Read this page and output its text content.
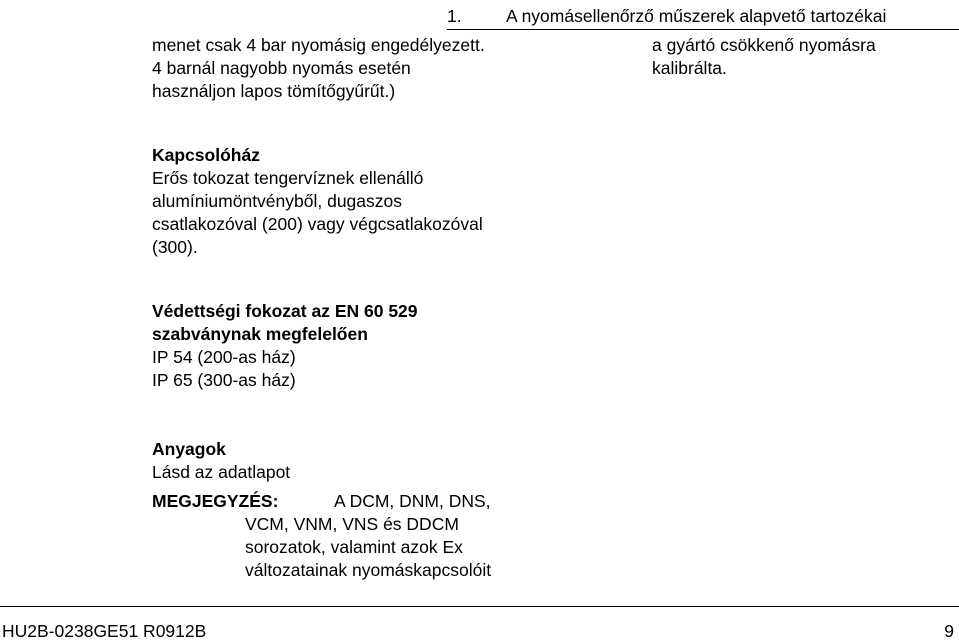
1.	A nyomásellenőrző műszerek alapvető tartozékai
menet csak 4 bar nyomásig engedélyezett.
4 barnál nagyobb nyomás esetén
használjon lapos tömítőgyűrűt.)
a gyártó csökkenő nyomásra
kalibrálta.
Kapcsolóház
Erős tokozat tengervíznek ellenálló
alumíniumöntvényből, dugaszos
csatlakozóval (200) vagy végcsatlakozóval
(300).
Védettségi fokozat az EN 60 529
szabványnak megfelelően
IP 54 (200-as ház)
IP 65 (300-as ház)
Anyagok
Lásd az adatlapot
MEGJEGYZÉS:	A DCM, DNM, DNS,
VCM, VNM, VNS és DDCM
sorozatok, valamint azok Ex
változatainak nyomáskapcsolóit
HU2B-0238GE51 R0912B	9
